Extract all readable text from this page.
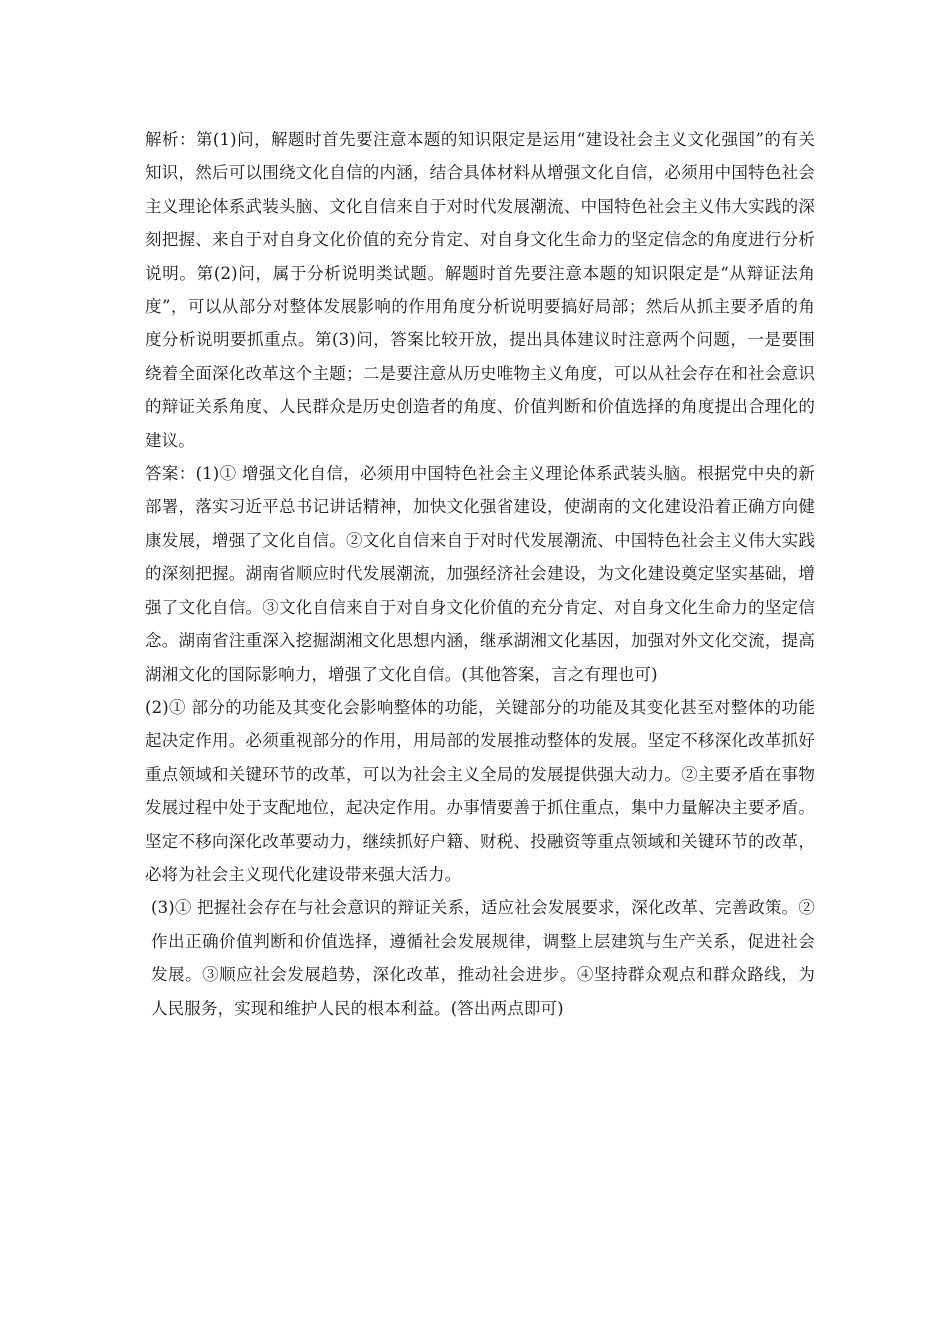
解析：第(1)问，解题时首先要注意本题的知识限定是运用“建设社会主义文化强国”的有关知识，然后可以围绕文化自信的内涵，结合具体材料从增强文化自信，必须用中国特色社会主义理论体系武装头脑、文化自信来自于对时代发展潮流、中国特色社会主义伟大实践的深刻把握、来自于对自身文化价值的充分肯定、对自身文化生命力的坚定信念的角度进行分析说明。第(2)问，属于分析说明类试题。解题时首先要注意本题的知识限定是“从辩证法角度”，可以从部分对整体发展影响的作用角度分析说明要搞好局部；然后从抓主要矛盾的角度分析说明要抓重点。第(3)问，答案比较开放，提出具体建议时注意两个问题，一是要围绕着全面深化改革这个主题；二是要注意从历史唯物主义角度，可以从社会存在和社会意识的辩证关系角度、人民群众是历史创造者的角度、价值判断和价值选择的角度提出合理化的建议。

答案：(1)① 增强文化自信，必须用中国特色社会主义理论体系武装头脑。根据党中央的新部署，落实习近平总书记讲话精神，加快文化强省建设，使湖南的文化建设沿着正确方向健康发展，增强了文化自信。②文化自信来自于对时代发展潮流、中国特色社会主义伟大实践的深刻把握。湖南省顺应时代发展潮流，加强经济社会建设，为文化建设奠定坚实基础，增强了文化自信。③文化自信来自于对自身文化价值的充分肯定、对自身文化生命力的坚定信念。湖南省注重深入挖掘湖湘文化思想内涵，继承湖湘文化基因，加强对外文化交流，提高湖湘文化的国际影响力，增强了文化自信。(其他答案，言之有理也可)

(2)① 部分的功能及其变化会影响整体的功能，关键部分的功能及其变化甚至对整体的功能起决定作用。必须重视部分的作用，用局部的发展推动整体的发展。坚定不移深化改革抓好重点领域和关键环节的改革，可以为社会主义全局的发展提供强大动力。②主要矛盾在事物发展过程中处于支配地位，起决定作用。办事情要善于抓住重点，集中力量解决主要矛盾。坚定不移向深化改革要动力，继续抓好户籍、财税、投融资等重点领域和关键环节的改革，必将为社会主义现代化建设带来强大活力。

(3)① 把握社会存在与社会意识的辩证关系，适应社会发展要求，深化改革、完善政策。②作出正确价值判断和价值选择，遵循社会发展规律，调整上层建筑与生产关系，促进社会发展。③顺应社会发展趋势，深化改革，推动社会进步。④坚持群众观点和群众路线，为人民服务，实现和维护人民的根本利益。(答出两点即可)
